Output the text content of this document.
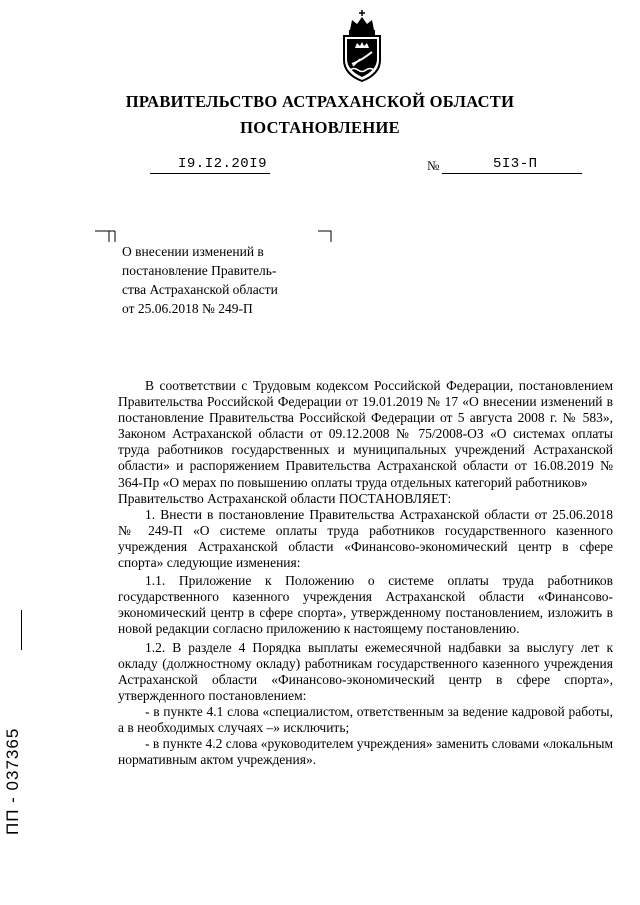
ПРАВИТЕЛЬСТВО АСТРАХАНСКОЙ ОБЛАСТИ
ПОСТАНОВЛЕНИЕ
I9.I2.20I9	№	5I3-П
О внесении изменений в
постановление Правитель-
ства Астраханской области
от 25.06.2018 № 249-П

В соответствии с Трудовым кодексом Российской Федерации, постановлением Правительства Российской Федерации от 19.01.2019 № 17 «О внесении изменений в постановление Правительства Российской Федерации от 5 августа 2008 г. № 583», Законом Астраханской области от 09.12.2008 № 75/2008-ОЗ «О системах оплаты труда работников государственных и муниципальных учреждений Астраханской области» и распоряжением Правительства Астраханской области от 16.08.2019 № 364-Пр «О мерах по повышению оплаты труда отдельных категорий работников»

Правительство Астраханской области ПОСТАНОВЛЯЕТ:

1. Внести в постановление Правительства Астраханской области от 25.06.2018 № 249-П «О системе оплаты труда работников государственного казенного учреждения Астраханской области «Финансово-экономический центр в сфере спорта» следующие изменения:

1.1. Приложение к Положению о системе оплаты труда работников государственного казенного учреждения Астраханской области «Финансово-экономический центр в сфере спорта», утвержденному постановлением, изложить в новой редакции согласно приложению к настоящему постановлению.

1.2. В разделе 4 Порядка выплаты ежемесячной надбавки за выслугу лет к окладу (должностному окладу) работникам государственного казенного учреждения Астраханской области «Финансово-экономический центр в сфере спорта», утвержденного постановлением:

- в пункте 4.1 слова «специалистом, ответственным за ведение кадровой работы, а в необходимых случаях –» исключить;

- в пункте 4.2 слова «руководителем учреждения» заменить словами «локальным нормативным актом учреждения».

ПП - 037365
